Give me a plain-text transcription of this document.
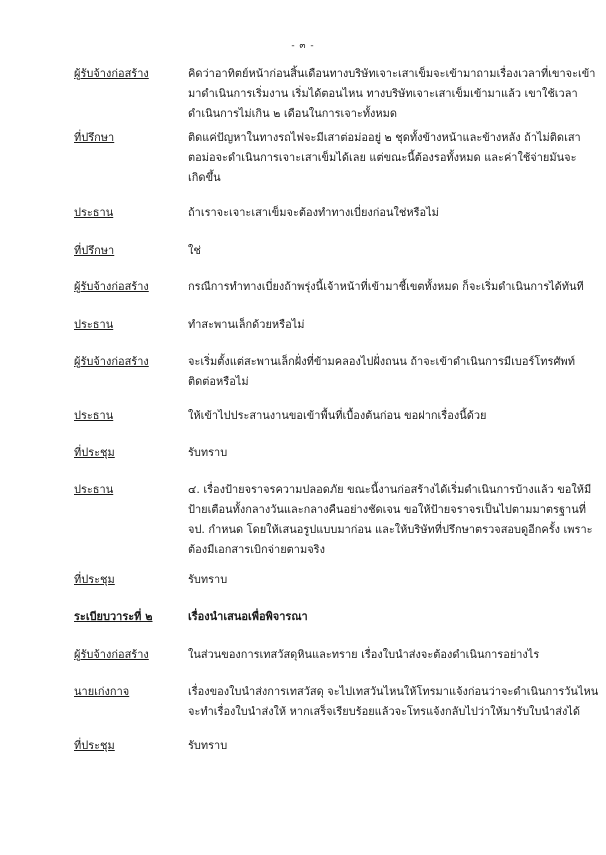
- ๓ -
ผู้รับจ้างก่อสร้าง	คิดว่าอาทิตย์หน้าก่อนสิ้นเดือนทางบริษัทเจาะเสาเข็มจะเข้ามาถามเรื่องเวลาที่เขาจะเข้า
มาดำเนินการเริ่มงาน เริ่มได้ตอนไหน ทางบริษัทเจาะเสาเข็มเข้ามาแล้ว เขาใช้เวลา
ดำเนินการไม่เกิน ๒ เดือนในการเจาะทั้งหมด
ที่ปรึกษา	ติดแค่ปัญหาในทางรถไฟจะมีเสาต่อม่ออยู่ ๒ ชุดทั้งข้างหน้าและข้างหลัง ถ้าไม่ติดเสา
ตอม่อจะดำเนินการเจาะเสาเข็มได้เลย แต่ขณะนี้ต้องรอทั้งหมด และค่าใช้จ่ายมันจะ
เกิดขึ้น
ประธาน	ถ้าเราจะเจาะเสาเข็มจะต้องทำทางเบี่ยงก่อนใช่หรือไม่
ที่ปรึกษา	ใช่
ผู้รับจ้างก่อสร้าง	กรณีการทำทางเบี่ยงถ้าพรุ่งนี้เจ้าหน้าที่เข้ามาชี้เขตทั้งหมด ก็จะเริ่มดำเนินการได้ทันที
ประธาน	ทำสะพานเล็กด้วยหรือไม่
ผู้รับจ้างก่อสร้าง	จะเริ่มตั้งแต่สะพานเล็กฝั่งที่ข้ามคลองไปฝั่งถนน ถ้าจะเข้าดำเนินการมีเบอร์โทรศัพท์
ติดต่อหรือไม่
ประธาน	ให้เข้าไปประสานงานขอเข้าพื้นที่เบื้องต้นก่อน ขอฝากเรื่องนี้ด้วย
ที่ประชุม	รับทราบ
ประธาน	๔. เรื่องป้ายจราจรความปลอดภัย ขณะนี้งานก่อสร้างได้เริ่มดำเนินการบ้างแล้ว ขอให้มี
ป้ายเตือนทั้งกลางวันและกลางคืนอย่างชัดเจน ขอให้ป้ายจราจรเป็นไปตามมาตรฐานที่
จป. กำหนด โดยให้เสนอรูปแบบมาก่อน และให้บริษัทที่ปรึกษาตรวจสอบดูอีกครั้ง เพราะ
ต้องมีเอกสารเบิกจ่ายตามจริง
ที่ประชุม	รับทราบ
ระเบียบวาระที่ ๒	เรื่องนำเสนอเพื่อพิจารณา
ผู้รับจ้างก่อสร้าง	ในส่วนของการเทสวัสดุหินและทราย เรื่องใบนำส่งจะต้องดำเนินการอย่างไร
นายเก่งกาจ	เรื่องของใบนำส่งการเทสวัสดุ จะไปเทสวันไหนให้โทรมาแจ้งก่อนว่าจะดำเนินการวันไหน
จะทำเรื่องใบนำส่งให้ หากเสร็จเรียบร้อยแล้วจะโทรแจ้งกลับไปว่าให้มารับใบนำส่งได้
ที่ประชุม	รับทราบ
